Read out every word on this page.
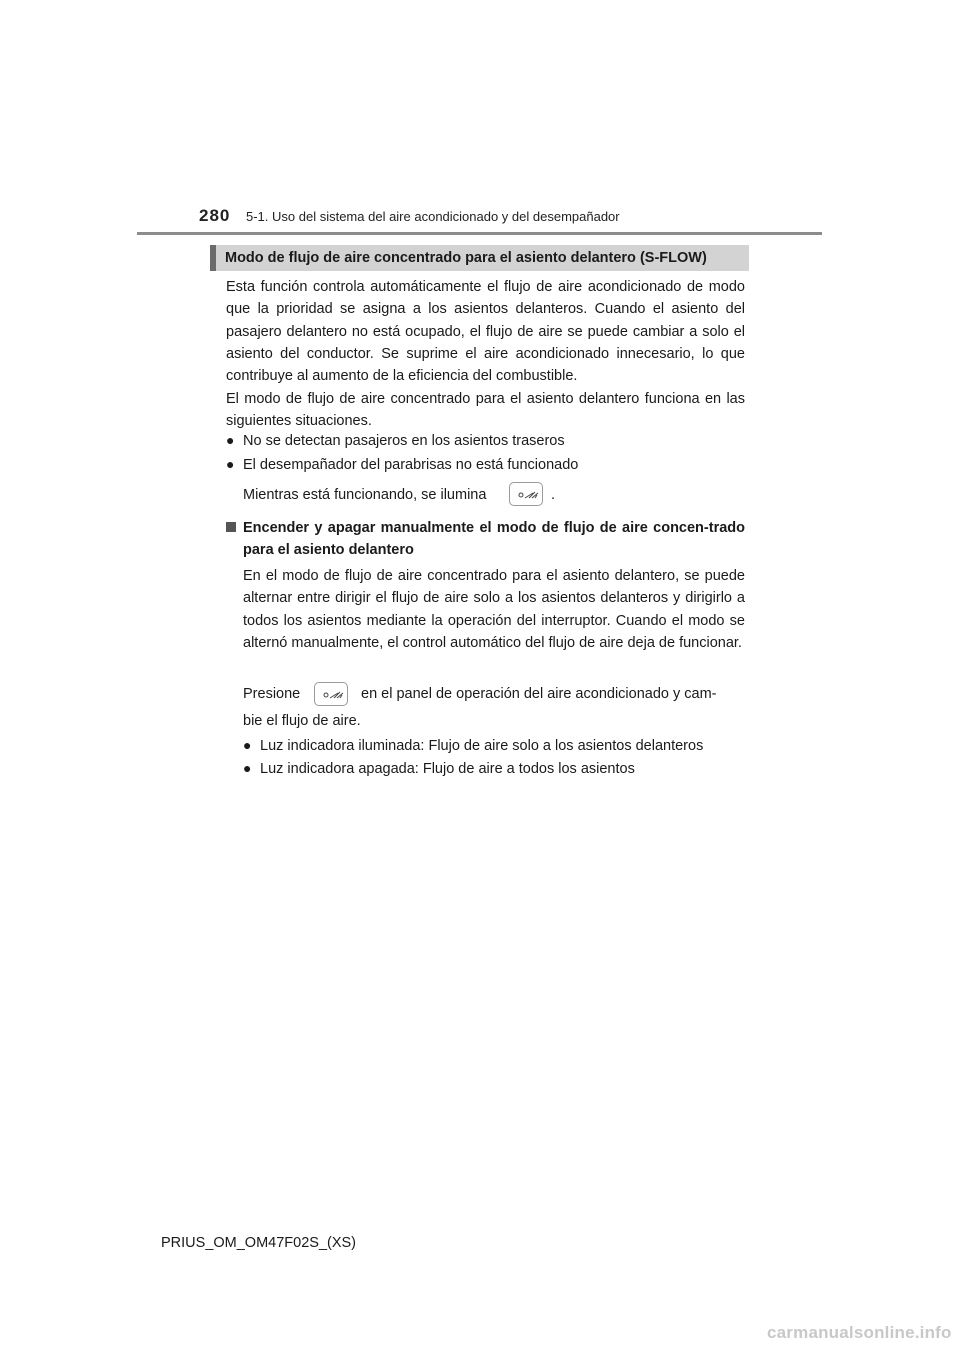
280 5-1. Uso del sistema del aire acondicionado y del desempañador
Modo de flujo de aire concentrado para el asiento delantero (S-FLOW)
Esta función controla automáticamente el flujo de aire acondicionado de modo que la prioridad se asigna a los asientos delanteros. Cuando el asiento del pasajero delantero no está ocupado, el flujo de aire se puede cambiar a solo el asiento del conductor. Se suprime el aire acondicionado innecesario, lo que contribuye al aumento de la eficiencia del combustible.
El modo de flujo de aire concentrado para el asiento delantero funciona en las siguientes situaciones.
● No se detectan pasajeros en los asientos traseros
● El desempañador del parabrisas no está funcionado
Mientras está funcionando, se ilumina	.
Encender y apagar manualmente el modo de flujo de aire concen-trado para el asiento delantero
En el modo de flujo de aire concentrado para el asiento delantero, se puede alternar entre dirigir el flujo de aire solo a los asientos delanteros y dirigirlo a todos los asientos mediante la operación del interruptor. Cuando el modo se alternó manualmente, el control automático del flujo de aire deja de funcionar.
Presione	en el panel de operación del aire acondicionado y cam-
bie el flujo de aire.
● Luz indicadora iluminada: Flujo de aire solo a los asientos delanteros
● Luz indicadora apagada: Flujo de aire a todos los asientos
PRIUS_OM_OM47F02S_(XS)
carmanualsonline.info
